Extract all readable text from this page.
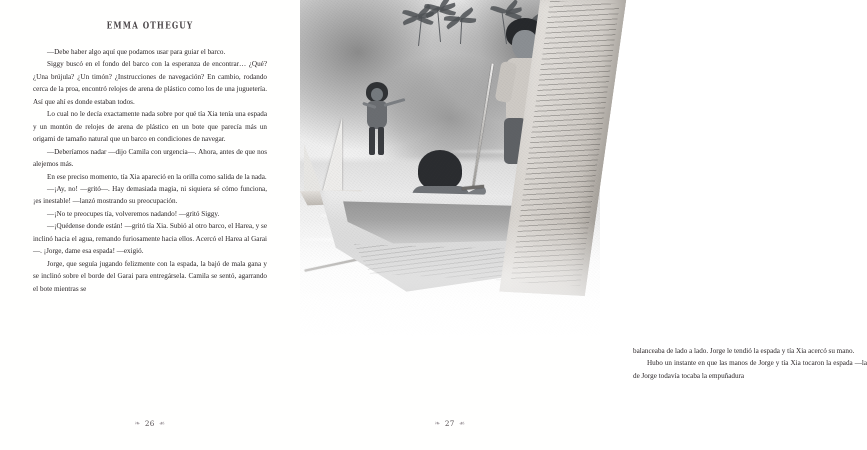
EMMA OTHEGUY

—Debe haber algo aquí que podamos usar para guiar el barco.

Siggy buscó en el fondo del barco con la esperanza de encontrar… ¿Qué? ¿Una brújula? ¿Un timón? ¿Instrucciones de navegación? En cambio, rodando cerca de la proa, encontró relojes de arena de plástico como los de una juguetería. Así que ahí es donde estaban todos.

Lo cual no le decía exactamente nada sobre por qué tía Xia tenía una espada y un montón de relojes de arena de plástico en un bote que parecía más un origami de tamaño natural que un barco en condiciones de navegar.

—Deberíamos nadar —dijo Camila con urgencia—. Ahora, antes de que nos alejemos más.

En ese preciso momento, tía Xia apareció en la orilla como salida de la nada.

—¡Ay, no! —gritó—. Hay demasiada magia, ni siquiera sé cómo funciona, ¡es inestable! —lanzó mostrando su preocupación.

—¡No te preocupes tía, volveremos nadando! —gritó Siggy.

—¡Quédense donde están! —gritó tía Xia. Subió al otro barco, el Harea, y se inclinó hacia el agua, remando furiosamente hacia ellos. Acercó el Harea al Garai—. ¡Jorge, dame esa espada! —exigió.

Jorge, que seguía jugando felizmente con la espada, la bajó de mala gana y se inclinó sobre el borde del Garai para entregársela. Camila se sentó, agarrando el bote mientras se

❧ 26 ☙

balanceaba de lado a lado. Jorge le tendió la espada y tía Xia acercó su mano.

Hubo un instante en que las manos de Jorge y tía Xia tocaron la espada —la de Jorge todavía tocaba la empuñadura

❧ 27 ☙
